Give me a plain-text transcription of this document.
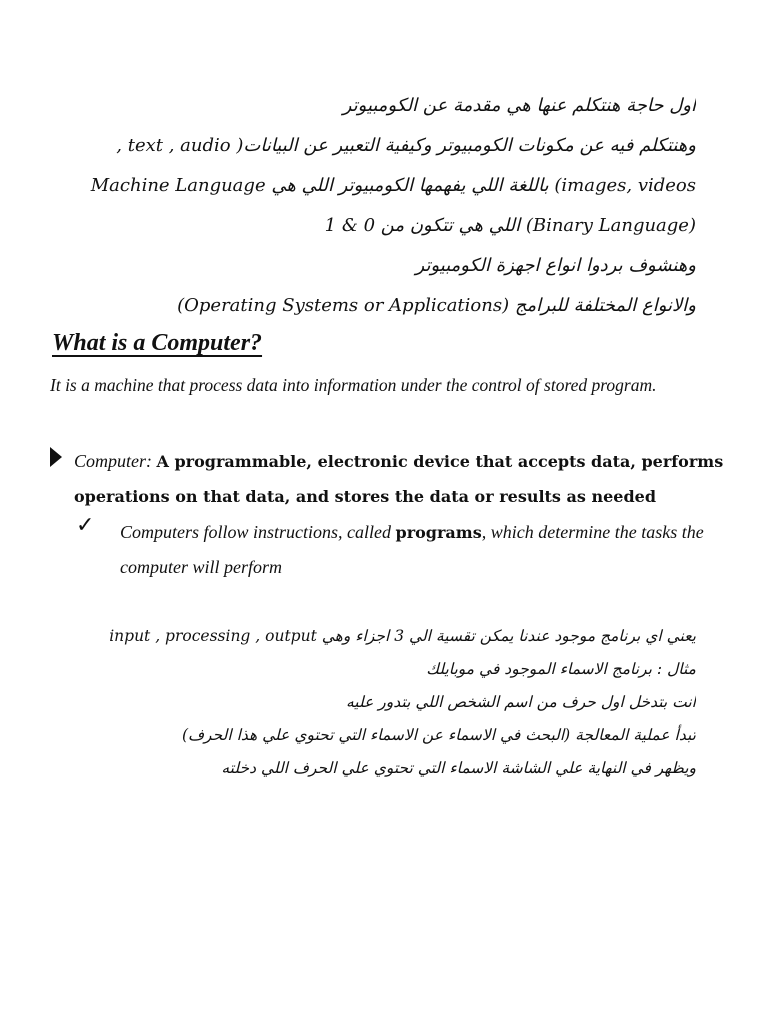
اول حاجة هنتكلم عنها هي مقدمة عن الكومبيوتر
وهنتكلم فيه عن مكونات الكومبيوتر وكيفية التعبير عن البيانات( text , audio ,
images, videos) باللغة اللي يفهمها الكومبيوتر اللي هي Machine Language
(Binary Language) اللي هي تتكون من 0 & 1
وهنشوف بردوا انواع اجهزة الكومبيوتر
والانواع المختلفة للبرامج (Operating Systems or Applications)
What is a Computer?

It is a machine that process data into information under the control of stored program.

Computer: A programmable, electronic device that accepts data, performs operations on that data, and stores the data or results as needed

✓ Computers follow instructions, called programs, which determine the tasks the computer will perform

يعني اي برنامج موجود عندنا يمكن تقسية الي 3 اجزاء وهي input , processing , output
مثال : برنامج الاسماء الموجود في موبايلك
انت بتدخل اول حرف من اسم الشخص اللي بتدور عليه
تبدأ عملية المعالجة (البحث في الاسماء عن الاسماء التي تحتوي علي هذا الحرف)
ويظهر في النهاية علي الشاشة الاسماء التي تحتوي علي الحرف اللي دخلته
